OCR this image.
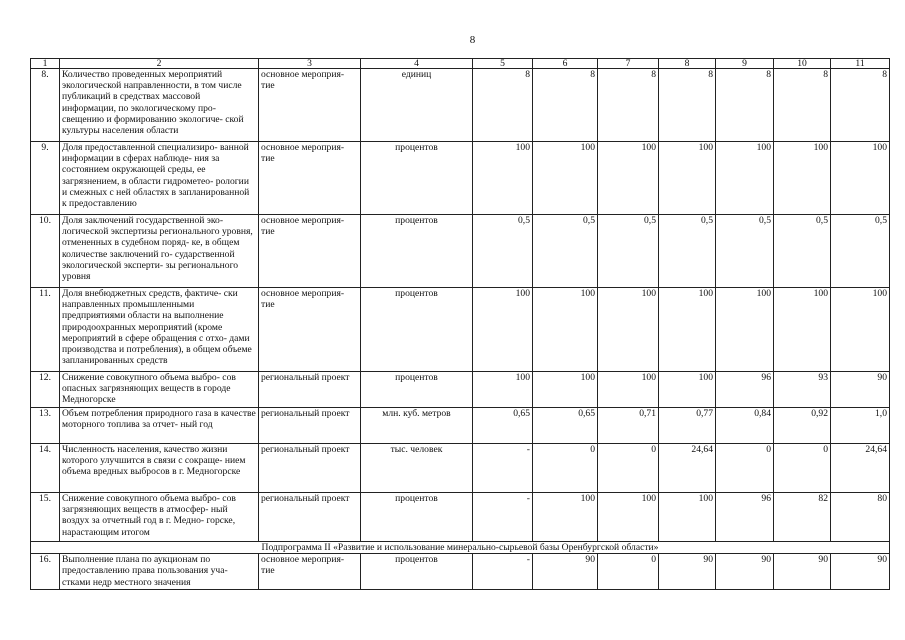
8
1	2	3	4	5	6	7	8	9	10	11
8.	Количество проведенных мероприятий экологической направленности, в том числе публикаций в средствах массовой информации, по экологическому про- свещению и формированию экологиче- ской культуры населения области	основное мероприя- тие	единиц	8	8	8	8	8	8	8
9.	Доля предоставленной специализиро- ванной информации в сферах наблюде- ния за состоянием окружающей среды, ее загрязнением, в области гидрометео- рологии и смежных с ней областях в запланированной к предоставлению	основное мероприя- тие	процентов	100	100	100	100	100	100	100
10.	Доля заключений государственной эко- логической экспертизы регионального уровня, отмененных в судебном поряд- ке, в общем количестве заключений го- сударственной экологической эксперти- зы регионального уровня	основное мероприя- тие	процентов	0,5	0,5	0,5	0,5	0,5	0,5	0,5
11.	Доля внебюджетных средств, фактиче- ски направленных промышленными предприятиями области на выполнение природоохранных мероприятий (кроме мероприятий в сфере обращения с отхо- дами производства и потребления), в общем объеме запланированных средств	основное мероприя- тие	процентов	100	100	100	100	100	100	100
12.	Снижение совокупного объема выбро- сов опасных загрязняющих веществ в городе Медногорске	региональный проект	процентов	100	100	100	100	96	93	90
13.	Объем потребления природного газа в качестве моторного топлива за отчет- ный год	региональный проект	млн. куб. метров	0,65	0,65	0,71	0,77	0,84	0,92	1,0
14.	Численность населения, качество жизни которого улучшится в связи с сокраще- нием объема вредных выбросов в г. Медногорске	региональный проект	тыс. человек	-	0	0	24,64	0	0	24,64
15.	Снижение совокупного объема выбро- сов загрязняющих веществ в атмосфер- ный воздух за отчетный год в г. Медно- горске, нарастающим итогом	региональный проект	процентов	-	100	100	100	96	82	80
Подпрограмма II «Развитие и использование минерально-сырьевой базы Оренбургской области»										
16.	Выполнение плана по аукционам по предоставлению права пользования уча- стками недр местного значения	основное мероприя- тие	процентов	-	90	0	90	90	90	90
